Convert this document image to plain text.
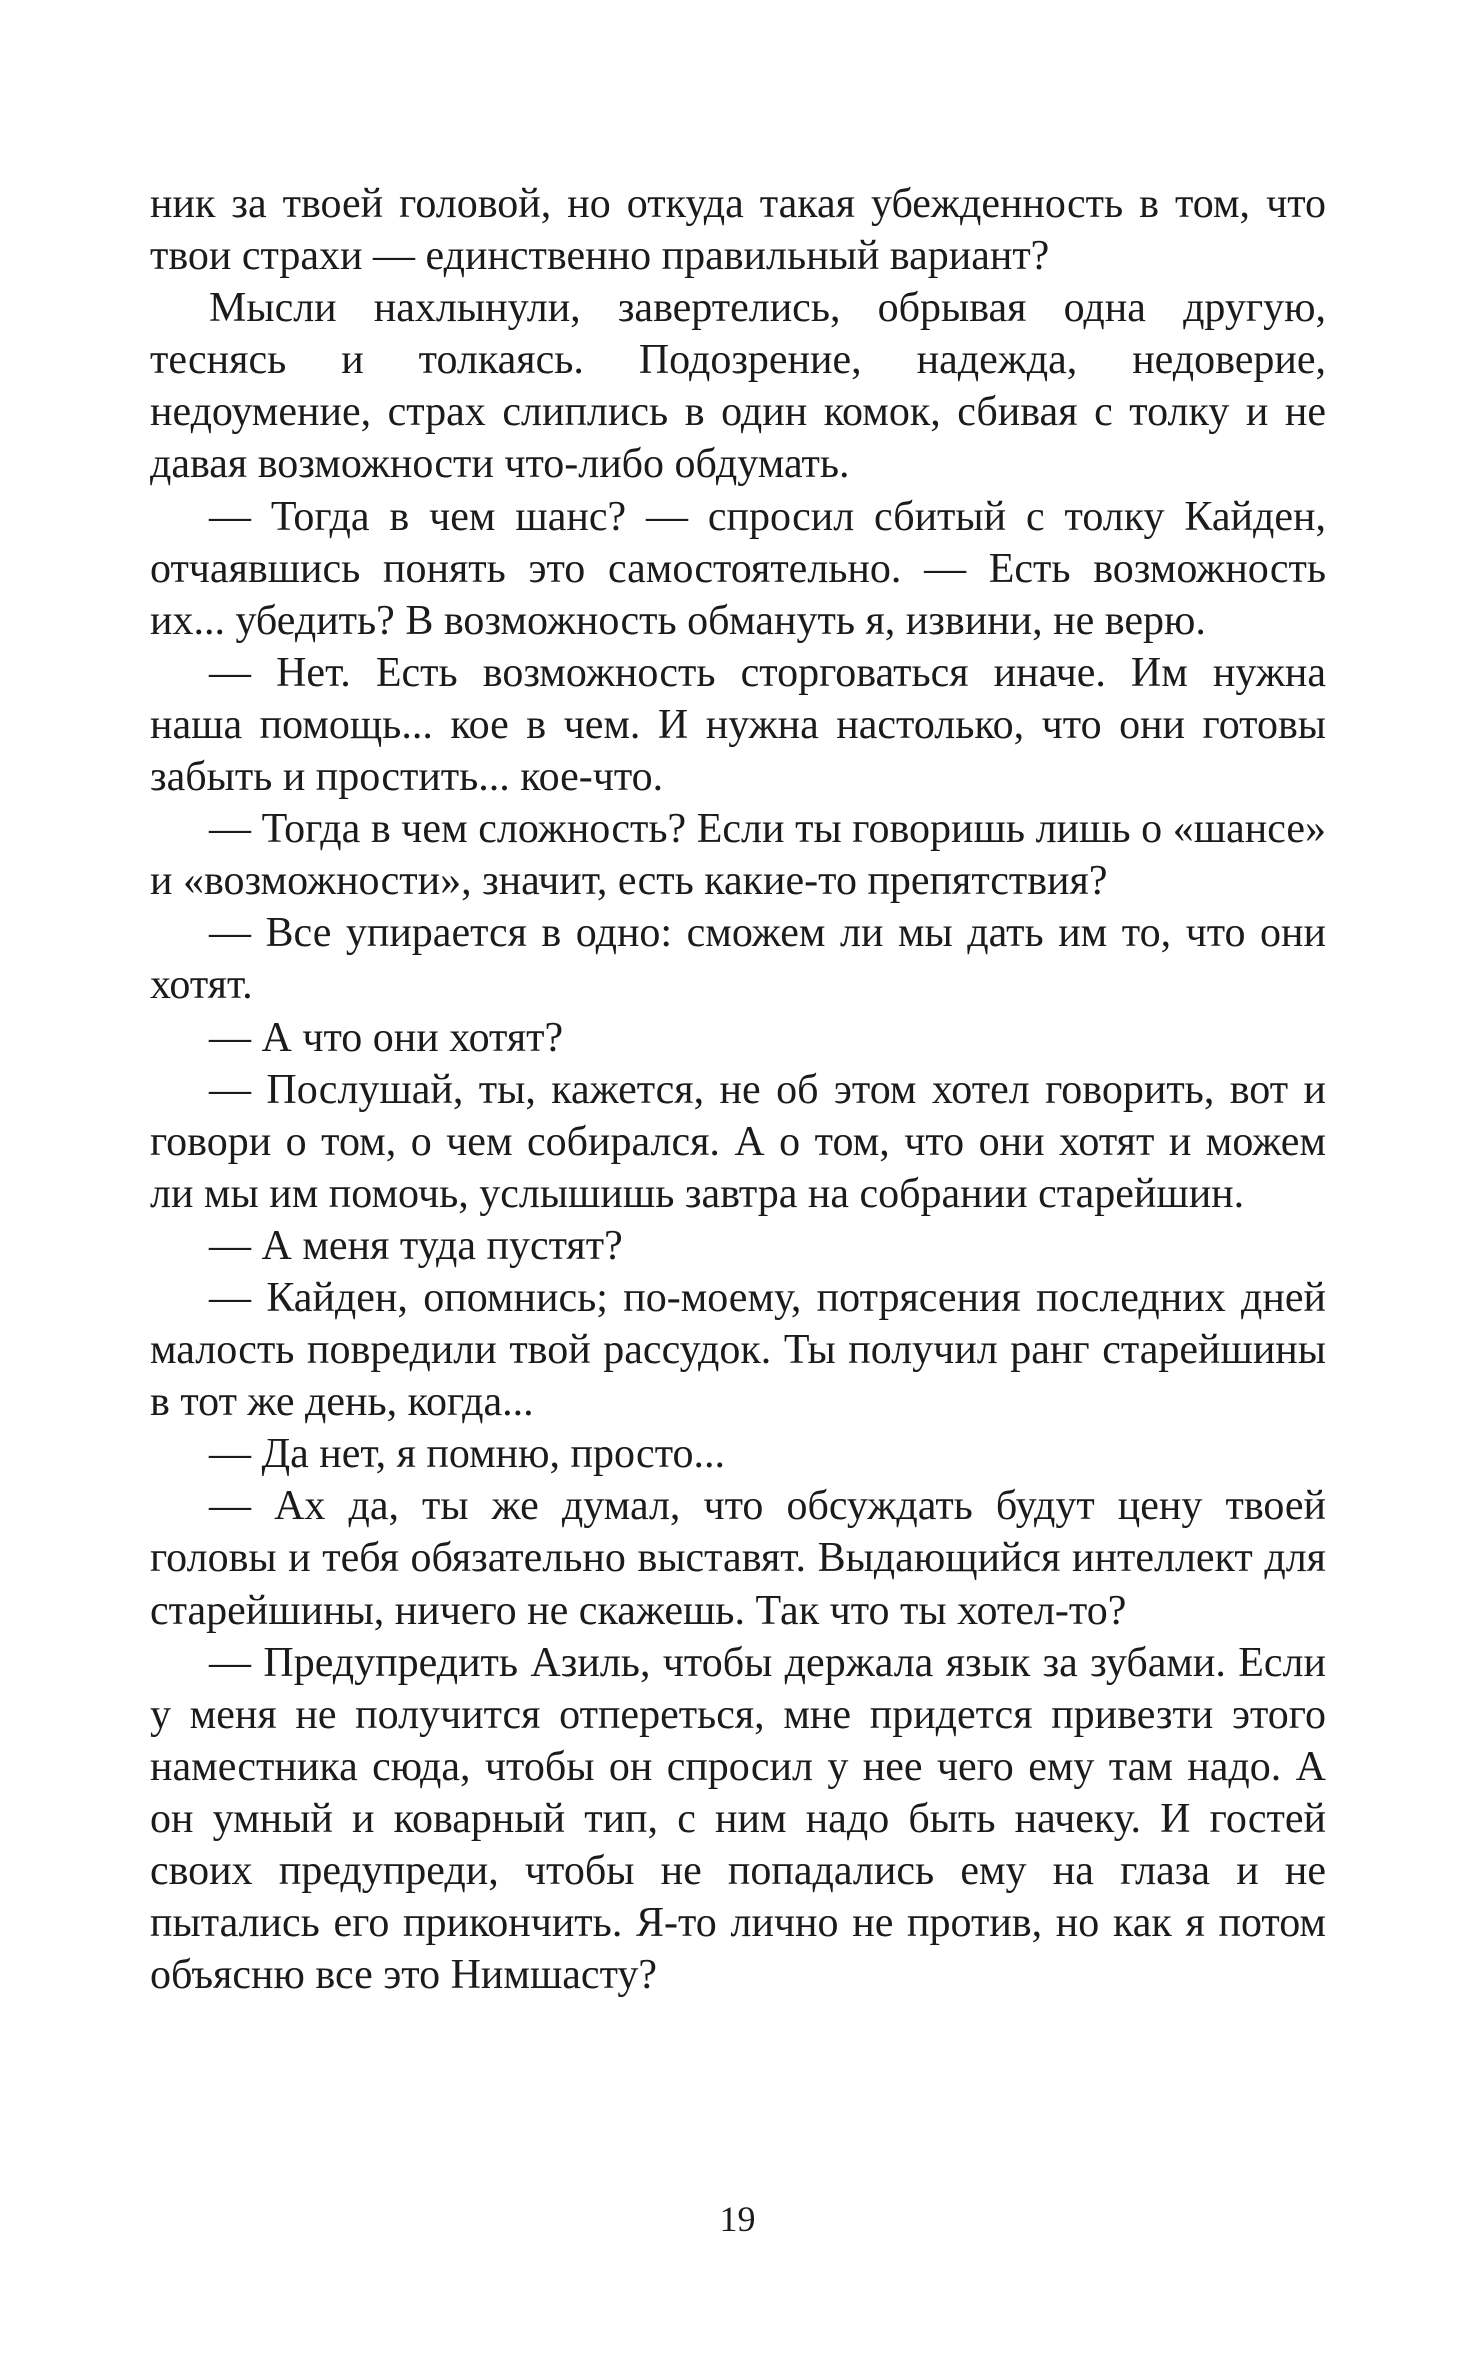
ник за твоей головой, но откуда такая убежденность в том, что твои страхи — единственно правильный вариант?

Мысли нахлынули, завертелись, обрывая одна другую, теснясь и толкаясь. Подозрение, надежда, недоверие, недоумение, страх слиплись в один комок, сбивая с толку и не давая возможности что-либо обдумать.

— Тогда в чем шанс? — спросил сбитый с толку Кайден, отчаявшись понять это самостоятельно. — Есть возможность их... убедить? В возможность обмануть я, извини, не верю.

— Нет. Есть возможность сторговаться иначе. Им нужна наша помощь... кое в чем. И нужна настолько, что они готовы забыть и простить... кое-что.

— Тогда в чем сложность? Если ты говоришь лишь о «шансе» и «возможности», значит, есть какие-то препятствия?

— Все упирается в одно: сможем ли мы дать им то, что они хотят.

— А что они хотят?

— Послушай, ты, кажется, не об этом хотел говорить, вот и говори о том, о чем собирался. А о том, что они хотят и можем ли мы им помочь, услышишь завтра на собрании старейшин.

— А меня туда пустят?

— Кайден, опомнись; по-моему, потрясения последних дней малость повредили твой рассудок. Ты получил ранг старейшины в тот же день, когда...

— Да нет, я помню, просто...

— Ах да, ты же думал, что обсуждать будут цену твоей головы и тебя обязательно выставят. Выдающийся интеллект для старейшины, ничего не скажешь. Так что ты хотел-то?

— Предупредить Азиль, чтобы держала язык за зубами. Если у меня не получится отпереться, мне придется привезти этого наместника сюда, чтобы он спросил у нее чего ему там надо. А он умный и коварный тип, с ним надо быть начеку. И гостей своих предупреди, чтобы не попадались ему на глаза и не пытались его прикончить. Я-то лично не против, но как я потом объясню все это Нимшасту?

19
